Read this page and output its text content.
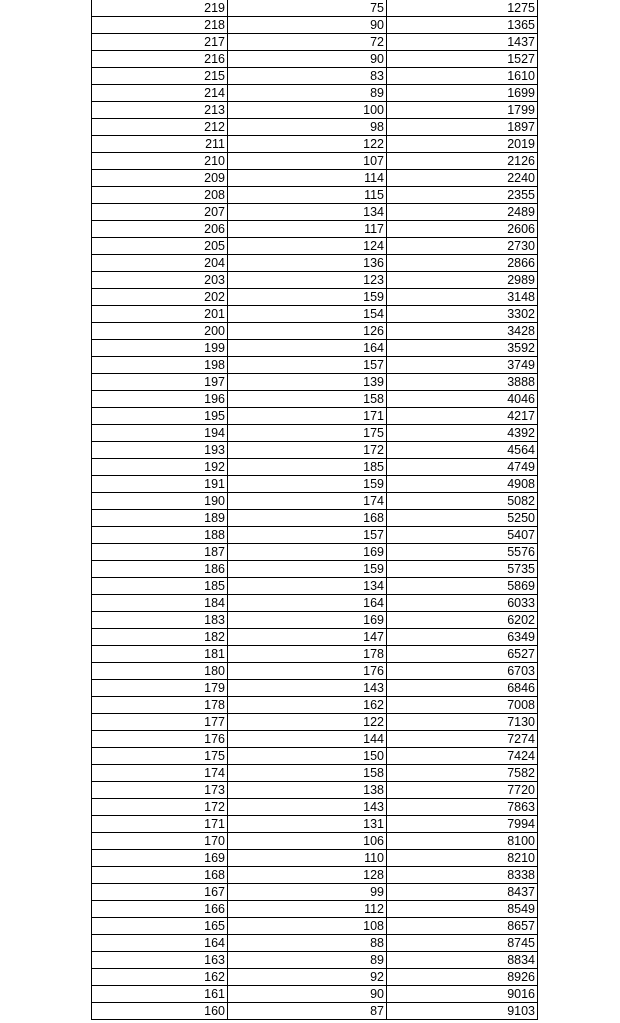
219	75	1275
218	90	1365
217	72	1437
216	90	1527
215	83	1610
214	89	1699
213	100	1799
212	98	1897
211	122	2019
210	107	2126
209	114	2240
208	115	2355
207	134	2489
206	117	2606
205	124	2730
204	136	2866
203	123	2989
202	159	3148
201	154	3302
200	126	3428
199	164	3592
198	157	3749
197	139	3888
196	158	4046
195	171	4217
194	175	4392
193	172	4564
192	185	4749
191	159	4908
190	174	5082
189	168	5250
188	157	5407
187	169	5576
186	159	5735
185	134	5869
184	164	6033
183	169	6202
182	147	6349
181	178	6527
180	176	6703
179	143	6846
178	162	7008
177	122	7130
176	144	7274
175	150	7424
174	158	7582
173	138	7720
172	143	7863
171	131	7994
170	106	8100
169	110	8210
168	128	8338
167	99	8437
166	112	8549
165	108	8657
164	88	8745
163	89	8834
162	92	8926
161	90	9016
160	87	9103
